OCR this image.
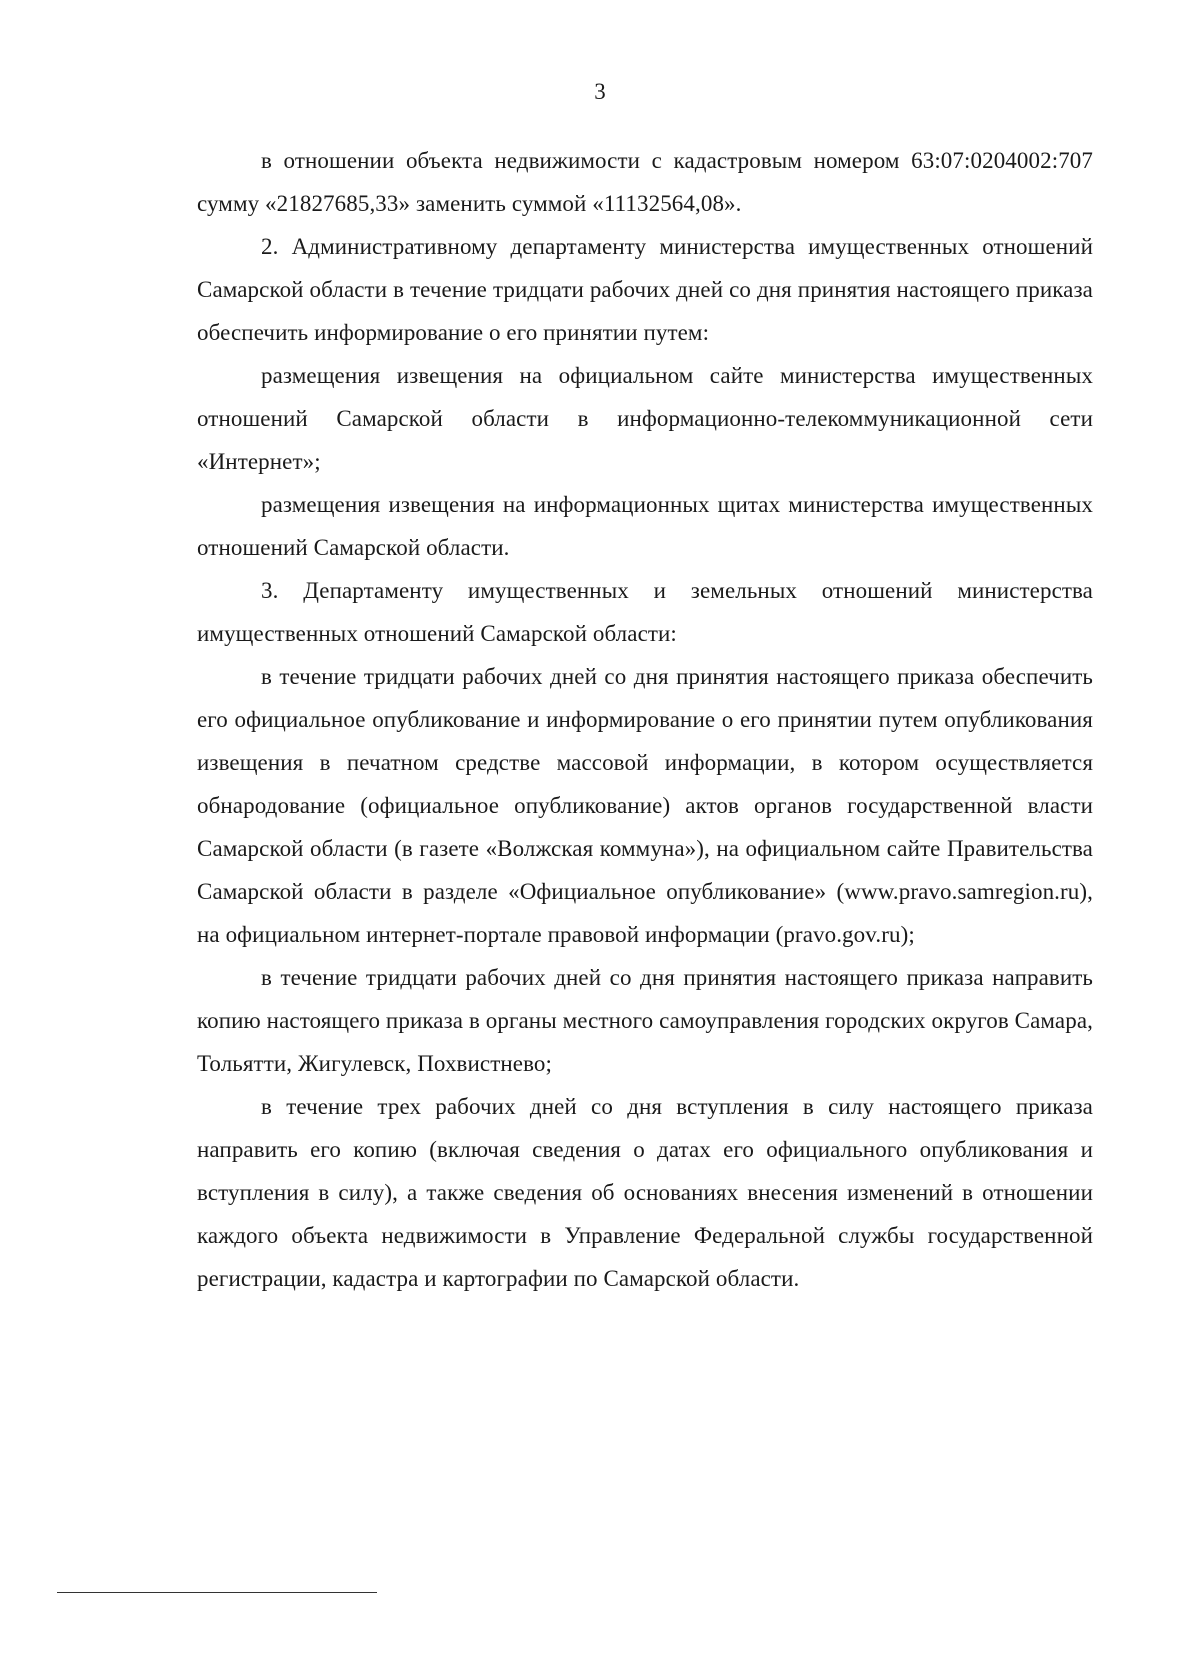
3

в отношении объекта недвижимости с кадастровым номером 63:07:0204002:707 сумму «21827685,33» заменить суммой «11132564,08».

2. Административному департаменту министерства имущественных отношений Самарской области в течение тридцати рабочих дней со дня принятия настоящего приказа обеспечить информирование о его принятии путем:

размещения извещения на официальном сайте министерства имущественных отношений Самарской области в информационно-телекоммуникационной сети «Интернет»;

размещения извещения на информационных щитах министерства имущественных отношений Самарской области.

3. Департаменту имущественных и земельных отношений министерства имущественных отношений Самарской области:

в течение тридцати рабочих дней со дня принятия настоящего приказа обеспечить его официальное опубликование и информирование о его принятии путем опубликования извещения в печатном средстве массовой информации, в котором осуществляется обнародование (официальное опубликование) актов органов государственной власти Самарской области (в газете «Волжская коммуна»), на официальном сайте Правительства Самарской области в разделе «Официальное опубликование» (www.pravo.samregion.ru), на официальном интернет-портале правовой информации (pravo.gov.ru);

в течение тридцати рабочих дней со дня принятия настоящего приказа направить копию настоящего приказа в органы местного самоуправления городских округов Самара, Тольятти, Жигулевск, Похвистнево;

в течение трех рабочих дней со дня вступления в силу настоящего приказа направить его копию (включая сведения о датах его официального опубликования и вступления в силу), а также сведения об основаниях внесения изменений в отношении каждого объекта недвижимости в Управление Федеральной службы государственной регистрации, кадастра и картографии по Самарской области.
